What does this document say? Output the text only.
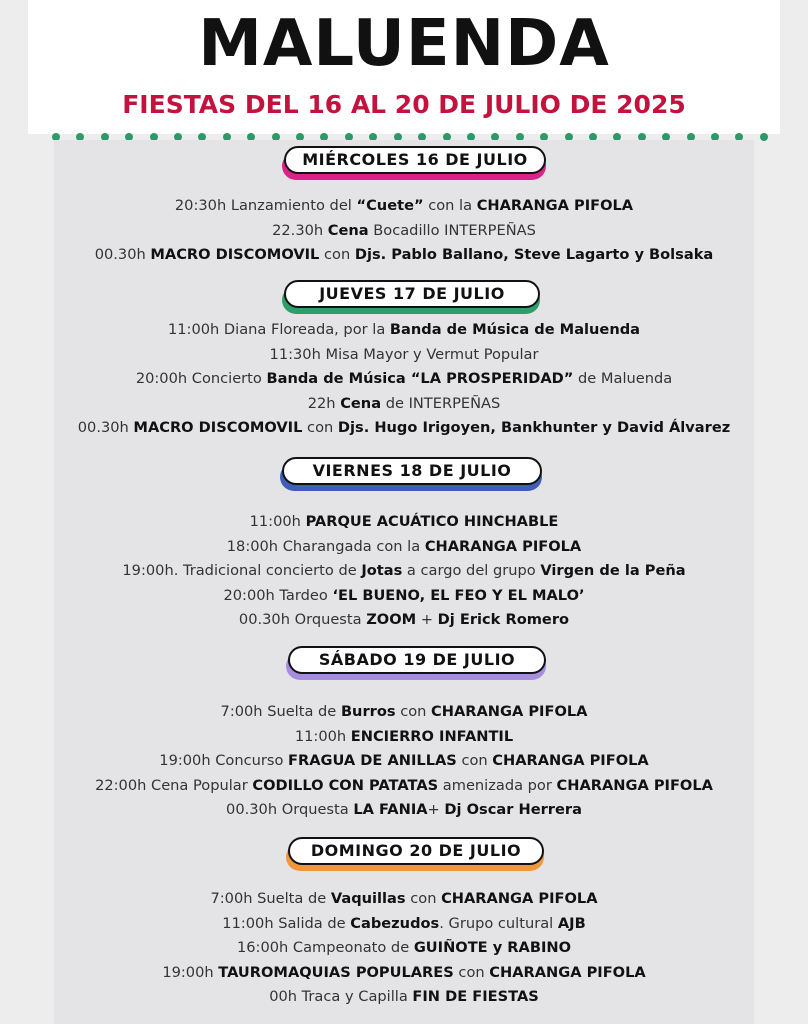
MALUENDA
FIESTAS DEL 16 AL 20 DE JULIO DE 2025
MIÉRCOLES 16 DE JULIO
20:30h Lanzamiento del “Cuete” con la CHARANGA PIFOLA
22.30h Cena Bocadillo INTERPEÑAS
00.30h MACRO DISCOMOVIL con Djs. Pablo Ballano, Steve Lagarto y Bolsaka
JUEVES 17 DE JULIO
11:00h Diana Floreada, por la Banda de Música de Maluenda
11:30h Misa Mayor y Vermut Popular
20:00h Concierto Banda de Música “LA PROSPERIDAD” de Maluenda
22h Cena de INTERPEÑAS
00.30h MACRO DISCOMOVIL con Djs. Hugo Irigoyen, Bankhunter y David Álvarez
VIERNES 18 DE JULIO
11:00h PARQUE ACUÁTICO HINCHABLE
18:00h Charangada con la CHARANGA PIFOLA
19:00h. Tradicional concierto de Jotas a cargo del grupo Virgen de la Peña
20:00h Tardeo ‘EL BUENO, EL FEO Y EL MALO’
00.30h Orquesta ZOOM + Dj Erick Romero
SÁBADO 19 DE JULIO
7:00h Suelta de Burros con CHARANGA PIFOLA
11:00h ENCIERRO INFANTIL
19:00h Concurso FRAGUA DE ANILLAS con CHARANGA PIFOLA
22:00h Cena Popular CODILLO CON PATATAS amenizada por CHARANGA PIFOLA
00.30h Orquesta LA FANIA+ Dj Oscar Herrera
DOMINGO 20 DE JULIO
7:00h Suelta de Vaquillas con CHARANGA PIFOLA
11:00h Salida de Cabezudos. Grupo cultural AJB
16:00h Campeonato de GUIÑOTE y RABINO
19:00h TAUROMAQUIAS POPULARES con CHARANGA PIFOLA
00h Traca y Capilla FIN DE FIESTAS
